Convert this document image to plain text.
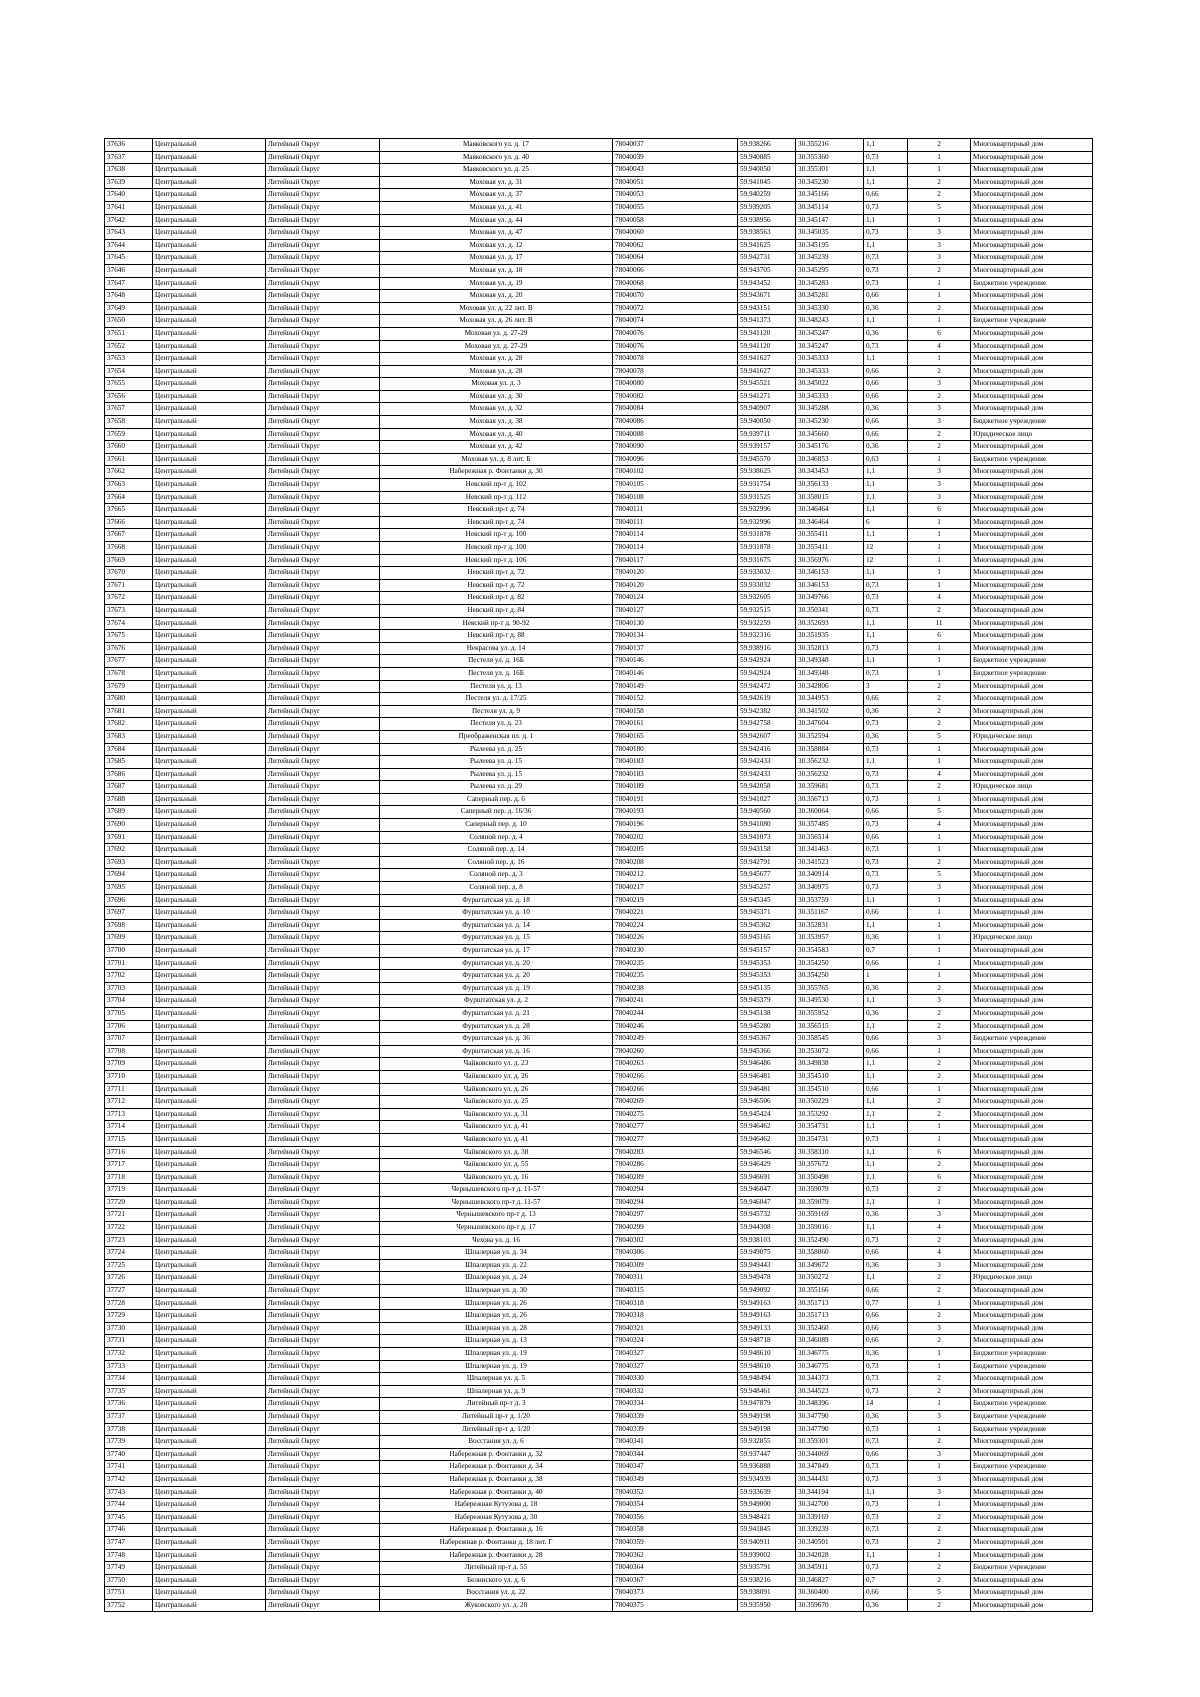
37636	Центральный	Литейный Округ	Маяковского ул. д. 17	78040037	59.938266	30.355216	1,1	2	Многоквартирный дом
37637	Центральный	Литейный Округ	Маяковского ул. д. 40	78040039	59.940885	30.355360	0,73	1	Многоквартирный дом
37638	Центральный	Литейный Округ	Маяковского ул. д. 25	78040043	59.940050	30.355301	1,1	1	Многоквартирный дом
37639	Центральный	Литейный Округ	Моховая ул. д. 31	78040051	59.941045	30.345230	1,1	2	Многоквартирный дом
37640	Центральный	Литейный Округ	Моховая ул. д. 37	78040053	59.940259	30.345166	0,66	2	Многоквартирный дом
37641	Центральный	Литейный Округ	Моховая ул. д. 41	78040055	59.939205	30.345114	0,73	5	Многоквартирный дом
37642	Центральный	Литейный Округ	Моховая ул. д. 44	78040058	59.938956	30.345147	1,1	1	Многоквартирный дом
37643	Центральный	Литейный Округ	Моховая ул. д. 47	78040060	59.938563	30.345035	0,73	3	Многоквартирный дом
37644	Центральный	Литейный Округ	Моховая ул. д. 12	78040062	59.941625	30.345195	1,1	3	Многоквартирный дом
37645	Центральный	Литейный Округ	Моховая ул. д. 17	78040064	59.942731	30.345239	0,73	3	Многоквартирный дом
37646	Центральный	Литейный Округ	Моховая ул. д. 18	78040066	59.943705	30.345295	0,73	2	Многоквартирный дом
37647	Центральный	Литейный Округ	Моховая ул. д. 19	78040068	59.943452	30.345283	0,73	1	Бюджетное учреждение
37648	Центральный	Литейный Округ	Моховая ул. д. 20	78040070	59.943671	30.345281	0,66	1	Многоквартирный дом
37649	Центральный	Литейный Округ	Моховая ул. д. 22 лит. В	78040072	59.943151	30.345330	0,36	2	Многоквартирный дом
37650	Центральный	Литейный Округ	Моховая ул. д. 26 лит. В	78040074	59.941373	30.348243	1,1	1	Бюджетное учреждение
37651	Центральный	Литейный Округ	Моховая ул. д. 27-29	78040076	59.941120	30.345247	0,36	6	Многоквартирный дом
37652	Центральный	Литейный Округ	Моховая ул. д. 27-29	78040076	59.941120	30.345247	0,73	4	Многоквартирный дом
37653	Центральный	Литейный Округ	Моховая ул. д. 28	78040078	59.941627	30.345333	1,1	1	Многоквартирный дом
37654	Центральный	Литейный Округ	Моховая ул. д. 28	78040078	59.941627	30.345333	0,66	2	Многоквартирный дом
37655	Центральный	Литейный Округ	Моховая ул. д. 3	78040080	59.945521	30.345022	0,66	3	Многоквартирный дом
37656	Центральный	Литейный Округ	Моховая ул. д. 30	78040082	59.941271	30.345333	0,66	2	Многоквартирный дом
37657	Центральный	Литейный Округ	Моховая ул. д. 32	78040084	59.940907	30.345288	0,36	3	Многоквартирный дом
37658	Центральный	Литейный Округ	Моховая ул. д. 38	78040086	59.940050	30.345230	0,66	3	Бюджетное учреждение
37659	Центральный	Литейный Округ	Моховая ул. д. 40	78040088	59.939711	30.345660	0,66	2	Юридическое лицо
37660	Центральный	Литейный Округ	Моховая ул. д. 42	78040090	59.939157	30.345176	0,36	2	Многоквартирный дом
37661	Центральный	Литейный Округ	Моховая ул. д. 8 лит. Б	78040096	59.945570	30.346853	0,63	1	Бюджетное учреждение
37662	Центральный	Литейный Округ	Набережная р. Фонтанки д. 30	78040102	59.938625	30.343453	1,1	3	Многоквартирный дом
37663	Центральный	Литейный Округ	Невский пр-т д. 102	78040105	59.931754	30.356133	1,1	3	Многоквартирный дом
37664	Центральный	Литейный Округ	Невский пр-т д. 112	78040108	59.931525	30.358015	1,1	3	Многоквартирный дом
37665	Центральный	Литейный Округ	Невский пр-т д. 74	78040111	59.932996	30.346464	1,1	6	Многоквартирный дом
37666	Центральный	Литейный Округ	Невский пр-т д. 74	78040111	59.932996	30.346464	6	1	Многоквартирный дом
37667	Центральный	Литейный Округ	Невский пр-т д. 100	78040114	59.931878	30.355411	1,1	1	Многоквартирный дом
37668	Центральный	Литейный Округ	Невский пр-т д. 100	78040114	59.931878	30.355411	12	1	Многоквартирный дом
37669	Центральный	Литейный Округ	Невский пр-т д. 106	78040117	59.931675	30.356976	12	1	Многоквартирный дом
37670	Центральный	Литейный Округ	Невский пр-т д. 72	78040120	59.933032	30.346153	1,1	1	Многоквартирный дом
37671	Центральный	Литейный Округ	Невский пр-т д. 72	78040120	59.933032	30.346153	0,73	1	Многоквартирный дом
37672	Центральный	Литейный Округ	Невский пр-т д. 82	78040124	59.932605	30.349766	0,73	4	Многоквартирный дом
37673	Центральный	Литейный Округ	Невский пр-т д. 84	78040127	59.932515	30.350341	0,73	2	Многоквартирный дом
37674	Центральный	Литейный Округ	Невский пр-т д. 90-92	78040130	59.932259	30.352693	1,1	11	Многоквартирный дом
37675	Центральный	Литейный Округ	Невский пр-т д. 88	78040134	59.932316	30.351935	1,1	6	Многоквартирный дом
37676	Центральный	Литейный Округ	Некрасова ул. д. 14	78040137	59.938916	30.352813	0,73	1	Многоквартирный дом
37677	Центральный	Литейный Округ	Пестеля ул. д. 16Б	78040146	59.942924	30.349348	1,1	1	Бюджетное учреждение
37678	Центральный	Литейный Округ	Пестеля ул. д. 16Б	78040146	59.942924	30.349348	0,73	1	Бюджетное учреждение
37679	Центральный	Литейный Округ	Пестеля ул. д. 13	78040149	59.942472	30.342806	3	2	Многоквартирный дом
37680	Центральный	Литейный Округ	Пестеля ул. д. 17/25	78040152	59.942619	30.344953	0,66	2	Многоквартирный дом
37681	Центральный	Литейный Округ	Пестеля ул. д. 9	78040158	59.942382	30.341502	0,36	2	Многоквартирный дом
37682	Центральный	Литейный Округ	Пестеля ул. д. 23	78040161	59.942758	30.347604	0,73	2	Многоквартирный дом
37683	Центральный	Литейный Округ	Преображенская пл. д. 1	78040165	59.942607	30.352594	0,36	5	Юридическое лицо
37684	Центральный	Литейный Округ	Рылеева ул. д. 25	78040180	59.942416	30.358884	0,73	1	Многоквартирный дом
37685	Центральный	Литейный Округ	Рылеева ул. д. 15	78040183	59.942433	30.356232	1,1	1	Многоквартирный дом
37686	Центральный	Литейный Округ	Рылеева ул. д. 15	78040183	59.942433	30.356232	0,73	4	Многоквартирный дом
37687	Центральный	Литейный Округ	Рылеева ул. д. 29	78040189	59.942058	30.359681	0,73	2	Юридическое лицо
37688	Центральный	Литейный Округ	Саперный пер. д. 6	78040191	59.941027	30.356713	0,73	1	Многоквартирный дом
37689	Центральный	Литейный Округ	Саперный пер. д. 16/36	78040193	59.940560	30.360064	0,66	5	Многоквартирный дом
37690	Центральный	Литейный Округ	Саперный пер. д. 10	78040196	59.941080	30.357485	0,73	4	Многоквартирный дом
37691	Центральный	Литейный Округ	Соляной пер. д. 4	78040202	59.941073	30.356514	0,66	1	Многоквартирный дом
37692	Центральный	Литейный Округ	Соляной пер. д. 14	78040205	59.943158	30.341463	0,73	1	Многоквартирный дом
37693	Центральный	Литейный Округ	Соляной пер. д. 16	78040208	59.942791	30.341523	0,73	2	Многоквартирный дом
37694	Центральный	Литейный Округ	Соляной пер. д. 3	78040212	59.945677	30.340914	0,73	5	Многоквартирный дом
37695	Центральный	Литейный Округ	Соляной пер. д. 8	78040217	59.945257	30.340975	0,73	3	Многоквартирный дом
37696	Центральный	Литейный Округ	Фурштатская ул. д. 18	78040219	59.945345	30.353759	1,1	1	Многоквартирный дом
37697	Центральный	Литейный Округ	Фурштатская ул. д. 10	78040221	59.945371	30.351167	0,66	1	Многоквартирный дом
37698	Центральный	Литейный Округ	Фурштатская ул. д. 14	78040224	59.945362	30.352831	1,1	1	Многоквартирный дом
37699	Центральный	Литейный Округ	Фурштатская ул. д. 15	78040226	59.945165	30.353957	0,36	1	Юридическое лицо
37700	Центральный	Литейный Округ	Фурштатская ул. д. 17	78040230	59.945157	30.354583	0,7	1	Многоквартирный дом
37701	Центральный	Литейный Округ	Фурштатская ул. д. 20	78040235	59.945353	30.354250	0,66	1	Многоквартирный дом
37702	Центральный	Литейный Округ	Фурштатская ул. д. 20	78040235	59.945353	30.354250	1	1	Многоквартирный дом
37703	Центральный	Литейный Округ	Фурштатская ул. д. 19	78040238	59.945135	30.355765	0,36	2	Многоквартирный дом
37704	Центральный	Литейный Округ	Фурштатская ул. д. 2	78040241	59.945379	30.349530	1,1	3	Многоквартирный дом
37705	Центральный	Литейный Округ	Фурштатская ул. д. 21	78040244	59.945138	30.355952	0,36	2	Многоквартирный дом
37706	Центральный	Литейный Округ	Фурштатская ул. д. 28	78040246	59.945280	30.356515	1,1	2	Многоквартирный дом
37707	Центральный	Литейный Округ	Фурштатская ул. д. 36	78040249	59.945367	30.358545	0,66	3	Бюджетное учреждение
37708	Центральный	Литейный Округ	Фурштатская ул. д. 16	78040260	59.945366	30.353072	0,66	1	Многоквартирный дом
37709	Центральный	Литейный Округ	Чайковского ул. д. 23	78040263	59.946486	30.349838	1,1	2	Многоквартирный дом
37710	Центральный	Литейный Округ	Чайковского ул. д. 26	78040266	59.946481	30.354510	1,1	2	Многоквартирный дом
37711	Центральный	Литейный Округ	Чайковского ул. д. 26	78040266	59.946481	30.354510	0,66	1	Многоквартирный дом
37712	Центральный	Литейный Округ	Чайковского ул. д. 25	78040269	59.946506	30.350229	1,1	2	Многоквартирный дом
37713	Центральный	Литейный Округ	Чайковского ул. д. 31	78040275	59.945424	30.353292	1,1	2	Многоквартирный дом
37714	Центральный	Литейный Округ	Чайковского ул. д. 41	78040277	59.946462	30.354731	1,1	1	Многоквартирный дом
37715	Центральный	Литейный Округ	Чайковского ул. д. 41	78040277	59.946462	30.354731	0,73	1	Многоквартирный дом
37716	Центральный	Литейный Округ	Чайковского ул. д. 38	78040283	59.946546	30.358310	1,1	6	Многоквартирный дом
37717	Центральный	Литейный Округ	Чайковского ул. д. 55	78040286	59.946429	30.357672	1,1	2	Многоквартирный дом
37718	Центральный	Литейный Округ	Чайковского ул. д. 16	78040289	59.946691	30.350498	1,1	6	Многоквартирный дом
37719	Центральный	Литейный Округ	Чернышевского пр-т д. 11-57	78040294	59.946047	30.359079	0,73	2	Многоквартирный дом
37720	Центральный	Литейный Округ	Чернышевского пр-т д. 11-57	78040294	59.946047	30.359079	1,1	1	Многоквартирный дом
37721	Центральный	Литейный Округ	Чернышевского пр-т д. 13	78040297	59.945732	30.359169	0,36	3	Многоквартирный дом
37722	Центральный	Литейный Округ	Чернышевского пр-т д. 17	78040299	59.944308	30.359016	1,1	4	Многоквартирный дом
37723	Центральный	Литейный Округ	Чехова ул. д. 16	78040302	59.938103	30.352490	0,73	2	Многоквартирный дом
37724	Центральный	Литейный Округ	Шпалерная ул. д. 34	78040306	59.949075	30.358060	0,66	4	Многоквартирный дом
37725	Центральный	Литейный Округ	Шпалерная ул. д. 22	78040309	59.949443	30.349672	0,36	3	Многоквартирный дом
37726	Центральный	Литейный Округ	Шпалерная ул. д. 24	78040311	59.949478	30.350272	1,1	2	Юридическое лицо
37727	Центральный	Литейный Округ	Шпалерная ул. д. 30	78040315	59.949092	30.355166	0,66	2	Многоквартирный дом
37728	Центральный	Литейный Округ	Шпалерная ул. д. 26	78040318	59.949163	30.351713	0,77	1	Многоквартирный дом
37729	Центральный	Литейный Округ	Шпалерная ул. д. 26	78040318	59.949163	30.351713	0,66	2	Многоквартирный дом
37730	Центральный	Литейный Округ	Шпалерная ул. д. 28	78040321	59.949133	30.352460	0,66	3	Многоквартирный дом
37731	Центральный	Литейный Округ	Шпалерная ул. д. 13	78040324	59.948718	30.346089	0,66	2	Многоквартирный дом
37732	Центральный	Литейный Округ	Шпалерная ул. д. 19	78040327	59.948610	30.346775	0,36	1	Бюджетное учреждение
37733	Центральный	Литейный Округ	Шпалерная ул. д. 19	78040327	59.948610	30.346775	0,73	1	Бюджетное учреждение
37734	Центральный	Литейный Округ	Шпалерная ул. д. 5	78040330	59.948494	30.344373	0,73	2	Многоквартирный дом
37735	Центральный	Литейный Округ	Шпалерная ул. д. 9	78040332	59.948461	30.344523	0,73	2	Многоквартирный дом
37736	Центральный	Литейный Округ	Литейный пр-т д. 3	78040334	59.947879	30.348396	14	1	Бюджетное учреждение
37737	Центральный	Литейный Округ	Литейный пр-т д. 1/20	78040339	59.949198	30.347790	0,36	3	Бюджетное учреждение
37738	Центральный	Литейный Округ	Литейный пр-т д. 1/20	78040339	59.949198	30.347790	0,73	1	Бюджетное учреждение
37739	Центральный	Литейный Округ	Восстания ул. д. 6	78040341	59.932855	30.359301	0,73	2	Многоквартирный дом
37740	Центральный	Литейный Округ	Набережная р. Фонтанки д. 32	78040344	59.937447	30.344069	0,66	3	Многоквартирный дом
37741	Центральный	Литейный Округ	Набережная р. Фонтанки д. 34	78040347	59.936888	30.347849	0,73	1	Бюджетное учреждение
37742	Центральный	Литейный Округ	Набережная р. Фонтанки д. 38	78040349	59.934939	30.344431	0,73	3	Многоквартирный дом
37743	Центральный	Литейный Округ	Набережная р. Фонтанки д. 40	78040352	59.933639	30.344194	1,1	3	Многоквартирный дом
37744	Центральный	Литейный Округ	Набережная Кутузова д. 18	78040354	59.949000	30.342700	0,73	1	Многоквартирный дом
37745	Центральный	Литейный Округ	Набережная Кутузова д. 30	78040356	59.948421	30.339169	0,73	2	Многоквартирный дом
37746	Центральный	Литейный Округ	Набережная р. Фонтанки д. 16	78040358	59.941845	30.339239	0,73	2	Многоквартирный дом
37747	Центральный	Литейный Округ	Набережная р. Фонтанки д. 18 лит. Г	78040359	59.940911	30.340501	0,73	2	Многоквартирный дом
37748	Центральный	Литейный Округ	Набережная р. Фонтанки д. 28	78040362	59.939002	30.342028	1,1	1	Многоквартирный дом
37749	Центральный	Литейный Округ	Литейный пр-т д. 55	78040364	59.935791	30.345911	0,73	2	Бюджетное учреждение
37750	Центральный	Литейный Округ	Белинского ул. д. 6	78040367	59.938216	30.346827	0,7	2	Многоквартирный дом
37751	Центральный	Литейный Округ	Восстания ул. д. 22	78040373	59.938091	30.360400	0,66	5	Многоквартирный дом
37752	Центральный	Литейный Округ	Жуковского ул. д. 28	78040375	59.935950	30.359670	0,36	2	Многоквартирный дом
